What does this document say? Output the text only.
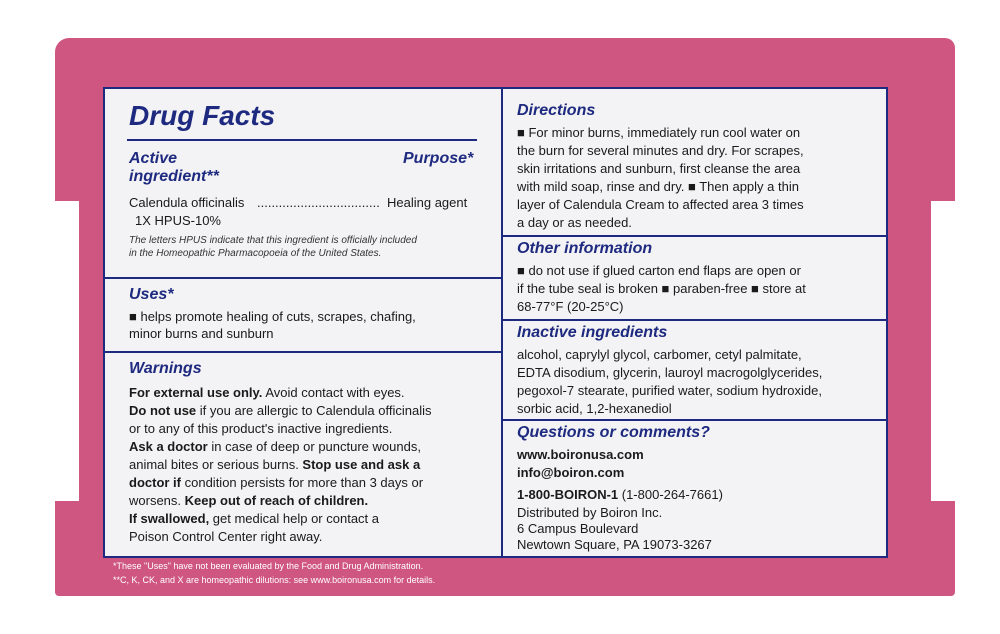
Drug Facts
Active
ingredient**
Purpose*
Calendula officinalis .................................. Healing agent
1X HPUS-10%
The letters HPUS indicate that this ingredient is officially included
in the Homeopathic Pharmacopoeia of the United States.
Uses*
■ helps promote healing of cuts, scrapes, chafing,
minor burns and sunburn
Warnings
For external use only. Avoid contact with eyes.
Do not use if you are allergic to Calendula officinalis
or to any of this product's inactive ingredients.
Ask a doctor in case of deep or puncture wounds,
animal bites or serious burns. Stop use and ask a
doctor if condition persists for more than 3 days or
worsens. Keep out of reach of children.
If swallowed, get medical help or contact a
Poison Control Center right away.
Directions
■ For minor burns, immediately run cool water on
the burn for several minutes and dry. For scrapes,
skin irritations and sunburn, first cleanse the area
with mild soap, rinse and dry. ■ Then apply a thin
layer of Calendula Cream to affected area 3 times
a day or as needed.
Other information
■ do not use if glued carton end flaps are open or
if the tube seal is broken ■ paraben-free ■ store at
68-77°F (20-25°C)
Inactive ingredients
alcohol, caprylyl glycol, carbomer, cetyl palmitate,
EDTA disodium, glycerin, lauroyl macrogolglycerides,
pegoxol-7 stearate, purified water, sodium hydroxide,
sorbic acid, 1,2-hexanediol
Questions or comments?
www.boironusa.com
info@boiron.com
1-800-BOIRON-1 (1-800-264-7661)
Distributed by Boiron Inc.
6 Campus Boulevard
Newtown Square, PA 19073-3267
*These "Uses" have not been evaluated by the Food and Drug Administration.
**C, K, CK, and X are homeopathic dilutions: see www.boironusa.com for details.
